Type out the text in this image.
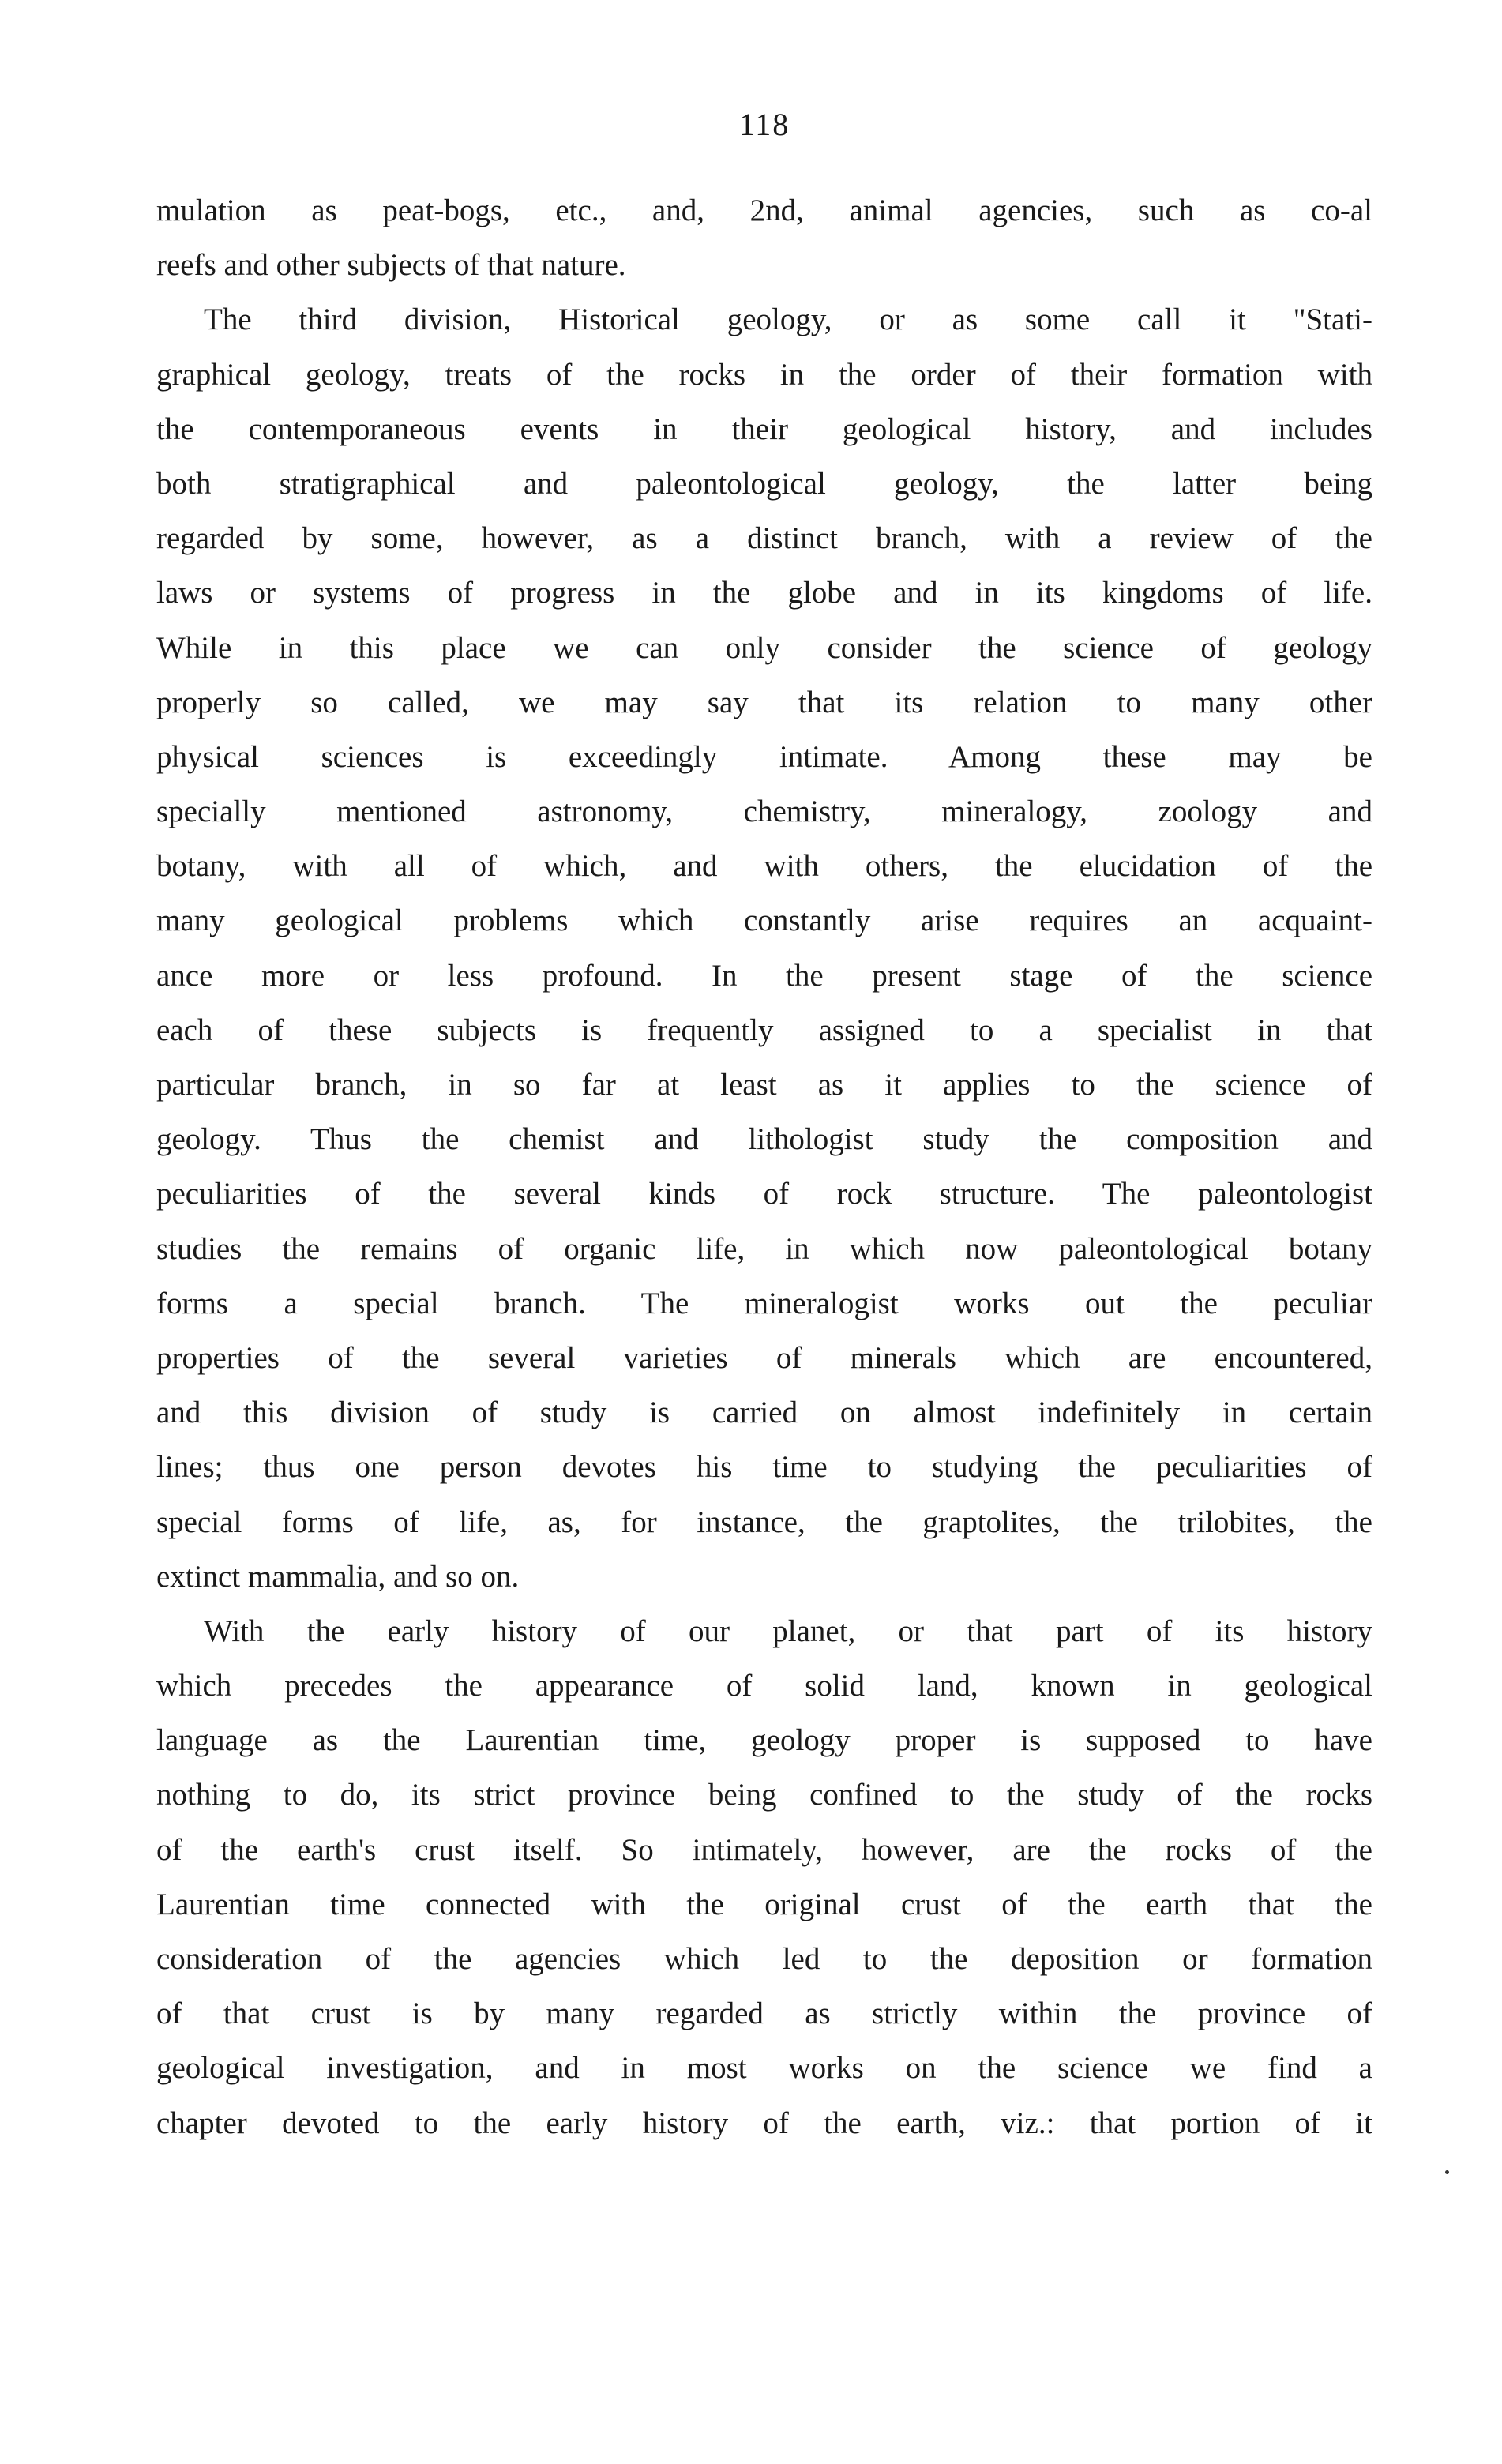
118
mulation as peat-bogs, etc., and, 2nd, animal agencies, such as co-al
reefs and other subjects of that nature.
The third division, Historical geology, or as some call it "Stati-
graphical geology, treats of the rocks in the order of their formation with
the contemporaneous events in their geological history, and includes
both stratigraphical and paleontological geology, the latter being
regarded by some, however, as a distinct branch, with a review of the
laws or systems of progress in the globe and in its kingdoms of life.
While in this place we can only consider the science of geology
properly so called, we may say that its relation to many other
physical sciences is exceedingly intimate. Among these may be
specially mentioned astronomy, chemistry, mineralogy, zoology and
botany, with all of which, and with others, the elucidation of the
many geological problems which constantly arise requires an acquaint-
ance more or less profound. In the present stage of the science
each of these subjects is frequently assigned to a specialist in that
particular branch, in so far at least as it applies to the science of
geology. Thus the chemist and lithologist study the composition and
peculiarities of the several kinds of rock structure. The paleontologist
studies the remains of organic life, in which now paleontological botany
forms a special branch. The mineralogist works out the peculiar
properties of the several varieties of minerals which are encountered,
and this division of study is carried on almost indefinitely in certain
lines; thus one person devotes his time to studying the peculiarities of
special forms of life, as, for instance, the graptolites, the trilobites, the
extinct mammalia, and so on.
With the early history of our planet, or that part of its history
which precedes the appearance of solid land, known in geological
language as the Laurentian time, geology proper is supposed to have
nothing to do, its strict province being confined to the study of the rocks
of the earth's crust itself. So intimately, however, are the rocks of the
Laurentian time connected with the original crust of the earth that the
consideration of the agencies which led to the deposition or formation
of that crust is by many regarded as strictly within the province of
geological investigation, and in most works on the science we find a
chapter devoted to the early history of the earth, viz.: that portion of it
